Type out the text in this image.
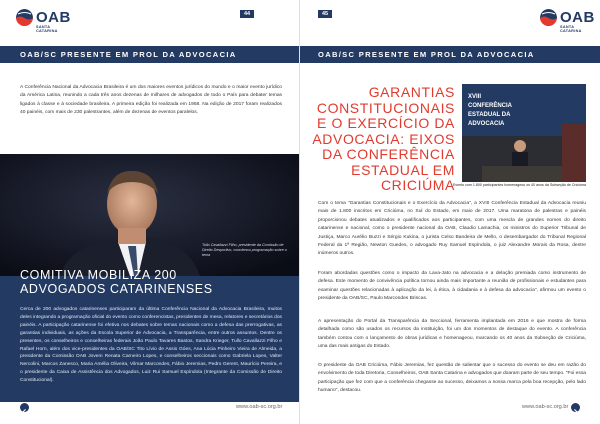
44
OAB
SANTA CATARINA
OAB/SC PRESENTE EM PROL DA ADVOCACIA
A Conferência Nacional da Advocacia Brasileira é um dos maiores eventos jurídicos do mundo e o maior evento jurídico da América Latina, reunindo a cada três anos dezenas de milhares de advogados de todo o País para debater temas ligados à classe e à sociedade brasileira. A primeira edição foi realizada em 1958. Na edição de 2017 foram realizados 40 painéis, com mais de 230 palestrantes, além de dezenas de eventos paralelos.
Tullo Cavallazzi Filho, presidente da Comissão de Direito Desportivo, coordenou programação sobre o tema
COMITIVA MOBILIZA 200 ADVOGADOS CATARINENSES
Cerca de 200 advogados catarinenses participaram da última Conferência Nacional da Advocacia Brasileira, muitos deles integrando a programação oficial do evento como conferencistas, presidentes de mesa, relatores e secretários dos painéis. A participação catarinense foi efetiva nos debates sobre temas nacionais como a defesa das prerrogativas, as garantias individuais, as ações da Escola Superior de Advocacia, a Transparência, entre outros assuntos. Dentre os presentes, os conselheiros e conselheiras federais João Paulo Tavares Bastos, Sandra Krieger, Tullo Cavallazzi Filho e Rafael Horn, além dos vice-presidentes da OAB/SC Tito Lívio de Assis Góes, Ana Lúcia Pinheiro Vieira de Almeida, a presidente da Comissão OAB Jovem Renata Carneiro Lopes, e conselheiros seccionais como Gabriela Lopes, Valter Nercolini, Marcos Zanesco, Maria Amélia Oliveira, Vilmar Marcondes, Fábio Jeremias, Pedro Gerent, Maurício Pereira, e o presidente da Caixa de Assistência dos Advogados, Luiz Rui Samuel Espíndola (Integrante da Comissão de Direito Constitucional).
www.oab-sc.org.br
45	OAB
SANTA CATARINA
OAB/SC PRESENTE EM PROL DA ADVOCACIA
GARANTIAS
CONSTITUCIONAIS
E O EXERCÍCIO DA
ADVOCACIA: EIXOS
DA CONFERÊNCIA
ESTADUAL EM
CRICIÚMA
XVIII
CONFERÊNCIA
ESTADUAL DA
ADVOCACIA
Evento com 1.800 participantes homenageou os 40 anos da Subseção de Criciúma
Com o tema "Garantias Constitucionais e o Exercício da Advocacia", a XVIII Conferência Estadual da Advocacia reuniu mais de 1.800 inscritos em Criciúma, no Sul do Estado, em maio de 2017. Uma maratona de palestras e painéis proporcionou debates atualizados e qualificados aos participantes, com uma mescla de grandes nomes do direito catarinense e nacional, como o presidente nacional da OAB, Claudio Lamachia, os ministros do Superior Tribunal de Justiça, Marco Aurélio Buzzi e Sérgio Kukina, o jurista Celso Bandeira de Mello, o desembargador do Tribunal Regional Federal da 1ª Região, Newton Guedes, o advogado Ruy Samuel Espíndola, o juiz Alexandre Morais da Rosa, dentre inúmeros outros.
Foram abordadas questões como o impacto da Lava-Jato na advocacia e a delação premiada como instrumento de defesa. Este momento de convivência política tornou ainda mais importante a reunião de profissionais e estudantes para examinar questões relacionadas à aplicação da lei, à ética, à cidadania e à defesa da advocacia", afirmou um evento o presidente da OAB/SC, Paulo Marcondes Brincas.
A apresentação do Portal da Transparência da Seccional, ferramenta implantada em 2016 e que mostra de forma detalhada como são usados os recursos da instituição, foi um dos momentos de destaque do evento. A conferência também contou com o lançamento de obras jurídicas e homenageou, marcando os 40 anos da Subseção de Criciúma, uma das mais antigas do Estado.
O presidente da OAB Criciúma, Fábio Jeremias, fez questão de salientar que o sucesso do evento se deu em razão do envolvimento de toda Diretoria, Conselheiros, OAB Santa Catarina e advogados que doaram parte de seu tempo. "Foi essa participação que fez com que a conferência chegasse ao sucesso, deixamos a nossa marca pela boa recepção, pelo lado humano", destacou.
www.oab-sc.org.br
